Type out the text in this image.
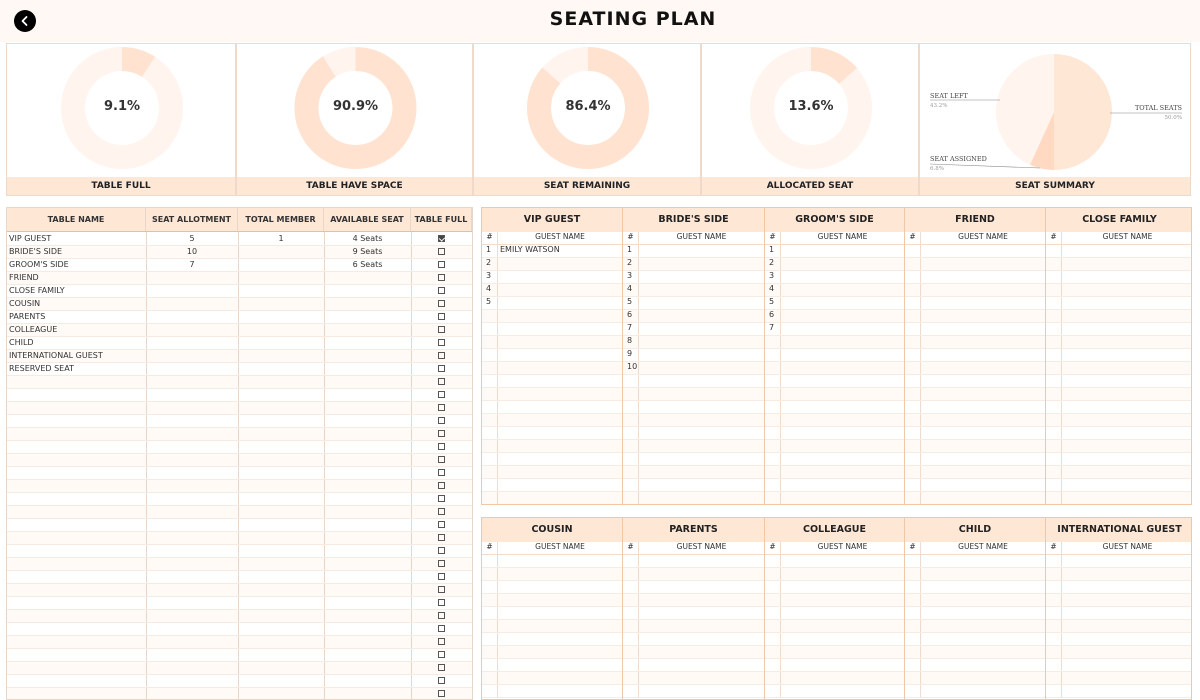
SEATING PLAN
9.1%
TABLE FULL
90.9%
TABLE HAVE SPACE
86.4%
SEAT REMAINING
13.6%
ALLOCATED SEAT
SEAT LEFT
43.2%
SEAT ASSIGNED
6.8%
TOTAL SEATS
50.0%
SEAT SUMMARY
TABLE NAME	SEAT ALLOTMENT	TOTAL MEMBER	AVAILABLE SEAT	TABLE FULL
VIP GUEST	5	1	4 Seats	
BRIDE'S SIDE	10		9 Seats	
GROOM'S SIDE	7		6 Seats	
FRIEND				
CLOSE FAMILY				
COUSIN				
PARENTS				
COLLEAGUE				
CHILD				
INTERNATIONAL GUEST				
RESERVED SEAT				

VIP GUEST
#	GUEST NAME
1	EMILY WATSON
2
3
4
5
BRIDE'S SIDE
#	GUEST NAME
1
2
3
4
5
6
7
8
9
10
GROOM'S SIDE
#	GUEST NAME
1
2
3
4
5
6
7
FRIEND
#	GUEST NAME
CLOSE FAMILY
#	GUEST NAME
COUSIN
#	GUEST NAME
PARENTS
#	GUEST NAME
COLLEAGUE
#	GUEST NAME
CHILD
#	GUEST NAME
INTERNATIONAL GUEST
#	GUEST NAME
